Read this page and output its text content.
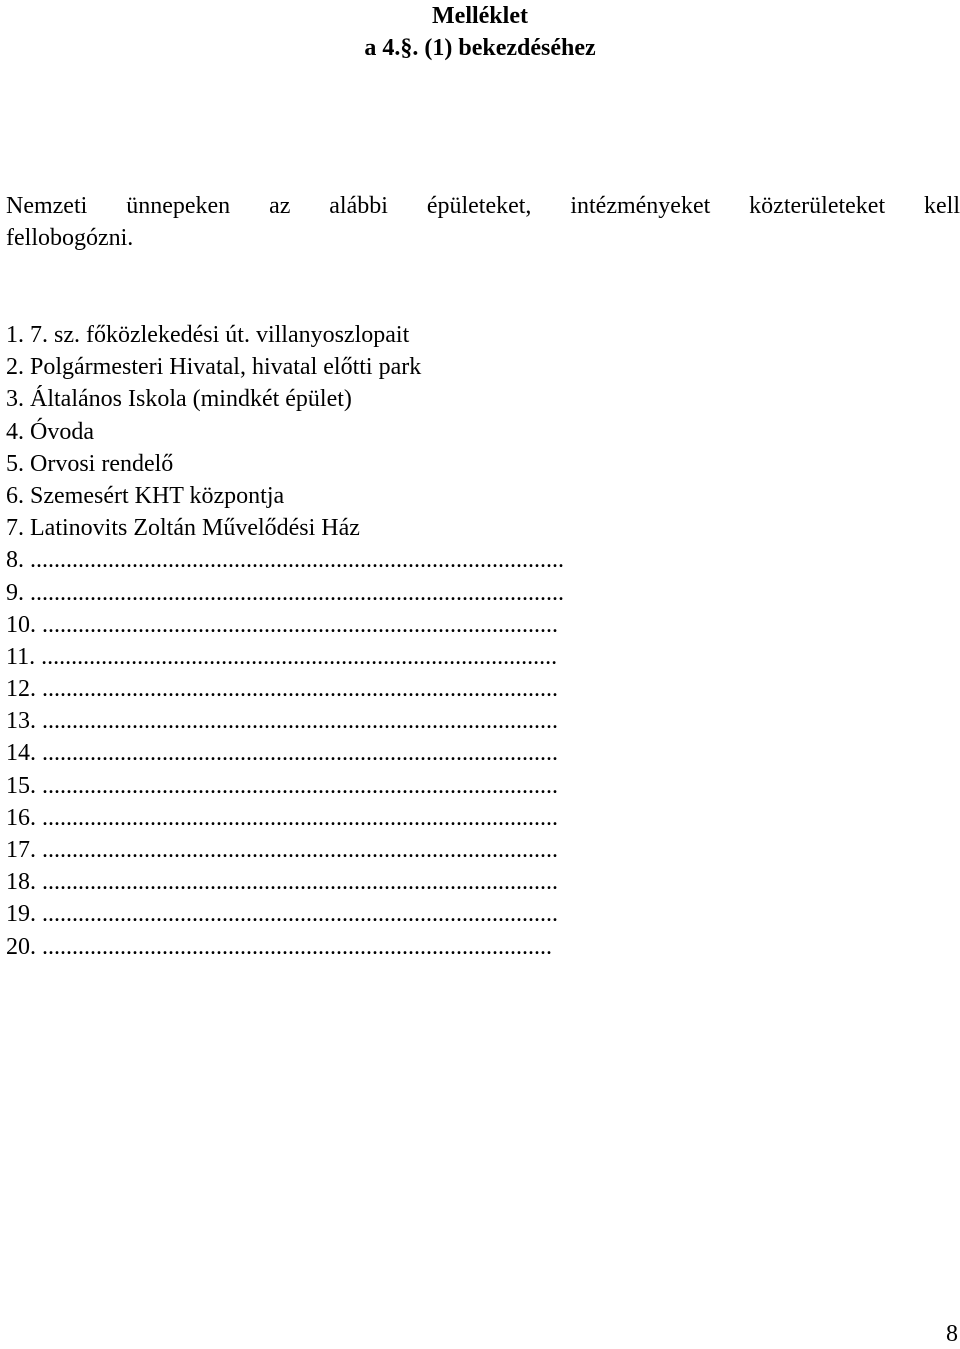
Melléklet
a 4.§. (1) bekezdéséhez
Nemzeti ünnepeken az alábbi épületeket, intézményeket közterületeket kell
fellobogózni.
1. 7. sz. főközlekedési út. villanyoszlopait
2. Polgármesteri Hivatal, hivatal előtti park
3. Általános Iskola (mindkét épület)
4. Óvoda
5. Orvosi rendelő
6. Szemesért KHT központja
7. Latinovits Zoltán Művelődési Ház
8. .........................................................................................
9. .........................................................................................
10. ......................................................................................
11. ......................................................................................
12. ......................................................................................
13. ......................................................................................
14. ......................................................................................
15. ......................................................................................
16. ......................................................................................
17. ......................................................................................
18. ......................................................................................
19. ......................................................................................
20. .....................................................................................
8
